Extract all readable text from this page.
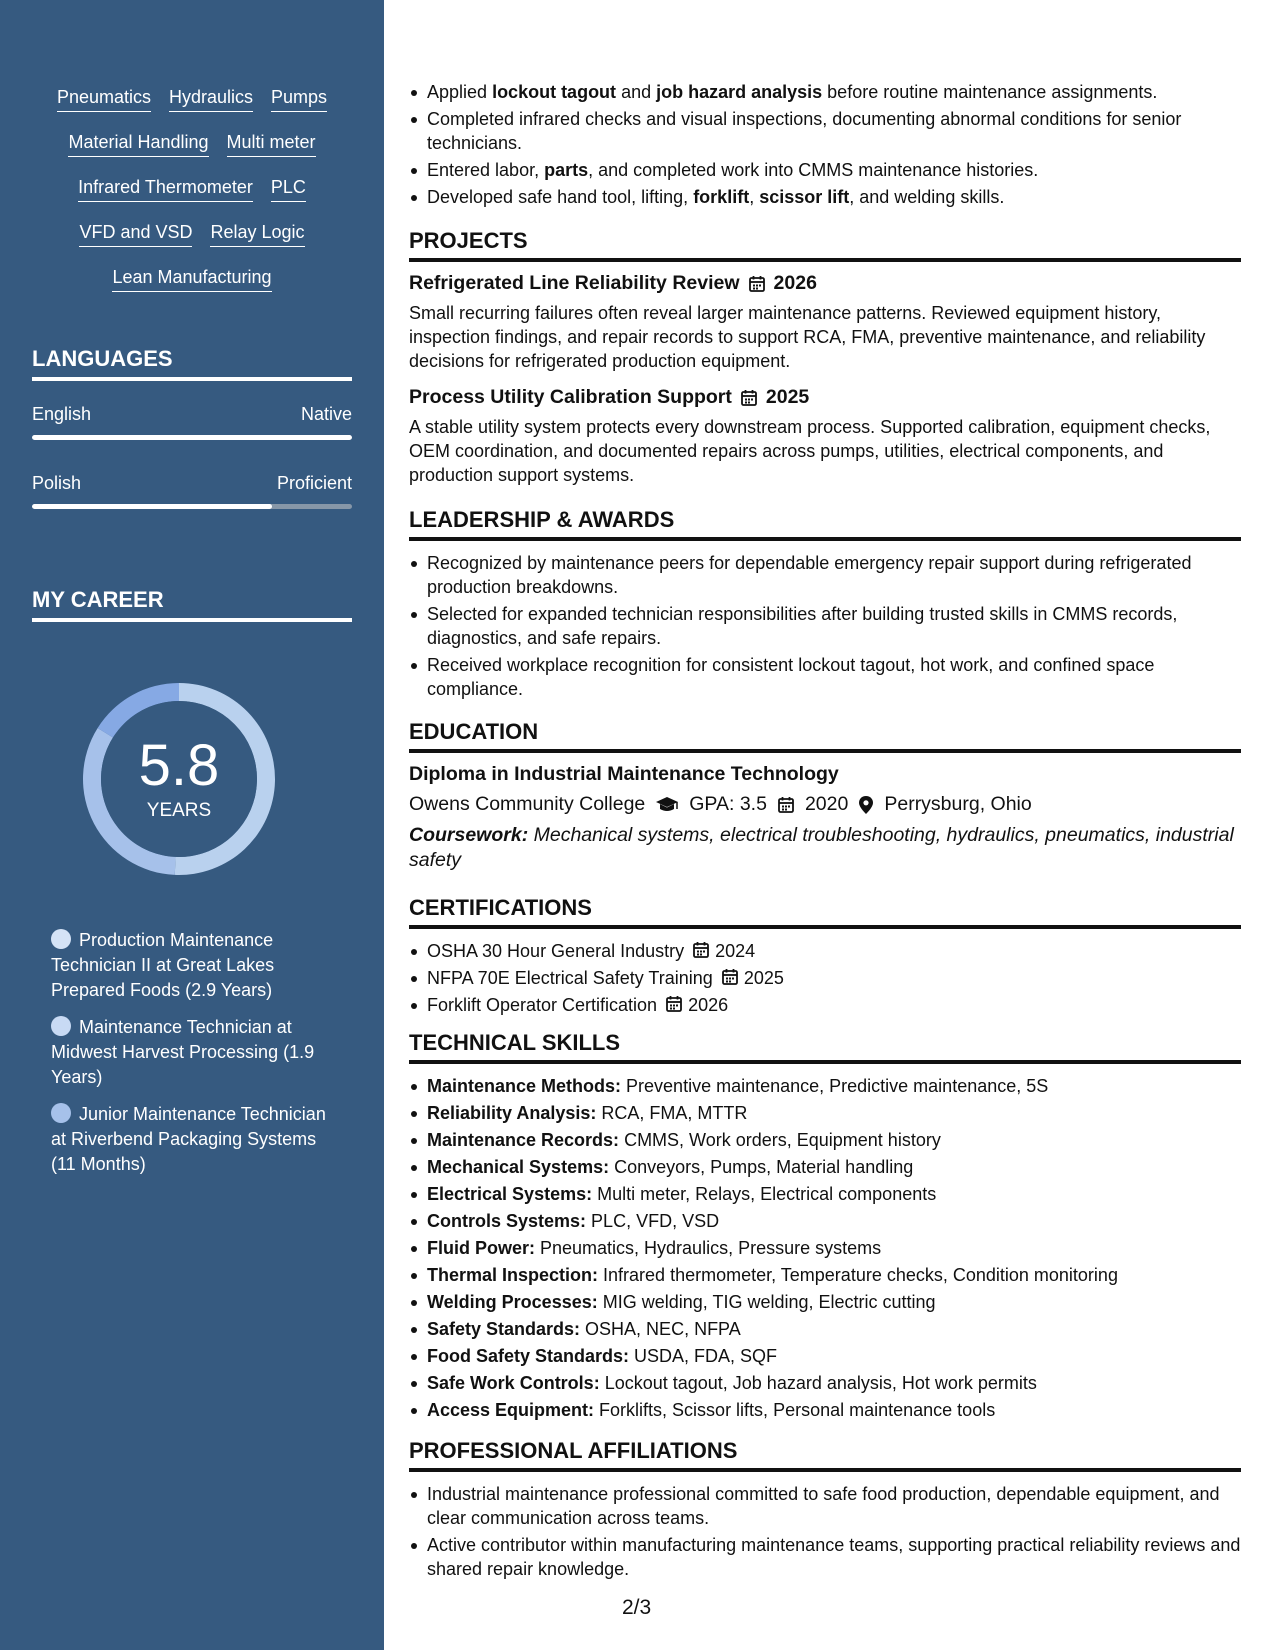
Pneumatics Hydraulics Pumps
Material Handling Multi meter
Infrared Thermometer PLC
VFD and VSD Relay Logic
Lean Manufacturing
LANGUAGES
English	Native
Polish	Proficient
MY CAREER
5.8
YEARS
Production Maintenance Technician II at Great Lakes Prepared Foods (2.9 Years)
Maintenance Technician at Midwest Harvest Processing (1.9 Years)
Junior Maintenance Technician at Riverbend Packaging Systems (11 Months)
Applied lockout tagout and job hazard analysis before routine maintenance assignments.
Completed infrared checks and visual inspections, documenting abnormal conditions for senior technicians.
Entered labor, parts, and completed work into CMMS maintenance histories.
Developed safe hand tool, lifting, forklift, scissor lift, and welding skills.
PROJECTS
Refrigerated Line Reliability Review 2026
Small recurring failures often reveal larger maintenance patterns. Reviewed equipment history, inspection findings, and repair records to support RCA, FMA, preventive maintenance, and reliability decisions for refrigerated production equipment.
Process Utility Calibration Support 2025
A stable utility system protects every downstream process. Supported calibration, equipment checks, OEM coordination, and documented repairs across pumps, utilities, electrical components, and production support systems.
LEADERSHIP & AWARDS
Recognized by maintenance peers for dependable emergency repair support during refrigerated production breakdowns.
Selected for expanded technician responsibilities after building trusted skills in CMMS records, diagnostics, and safe repairs.
Received workplace recognition for consistent lockout tagout, hot work, and confined space compliance.
EDUCATION
Diploma in Industrial Maintenance Technology
Owens Community College GPA: 3.5 2020 Perrysburg, Ohio
Coursework: Mechanical systems, electrical troubleshooting, hydraulics, pneumatics, industrial safety
CERTIFICATIONS
OSHA 30 Hour General Industry 2024
NFPA 70E Electrical Safety Training 2025
Forklift Operator Certification 2026
TECHNICAL SKILLS
Maintenance Methods: Preventive maintenance, Predictive maintenance, 5S
Reliability Analysis: RCA, FMA, MTTR
Maintenance Records: CMMS, Work orders, Equipment history
Mechanical Systems: Conveyors, Pumps, Material handling
Electrical Systems: Multi meter, Relays, Electrical components
Controls Systems: PLC, VFD, VSD
Fluid Power: Pneumatics, Hydraulics, Pressure systems
Thermal Inspection: Infrared thermometer, Temperature checks, Condition monitoring
Welding Processes: MIG welding, TIG welding, Electric cutting
Safety Standards: OSHA, NEC, NFPA
Food Safety Standards: USDA, FDA, SQF
Safe Work Controls: Lockout tagout, Job hazard analysis, Hot work permits
Access Equipment: Forklifts, Scissor lifts, Personal maintenance tools
PROFESSIONAL AFFILIATIONS
Industrial maintenance professional committed to safe food production, dependable equipment, and clear communication across teams.
Active contributor within manufacturing maintenance teams, supporting practical reliability reviews and shared repair knowledge.
2/3
